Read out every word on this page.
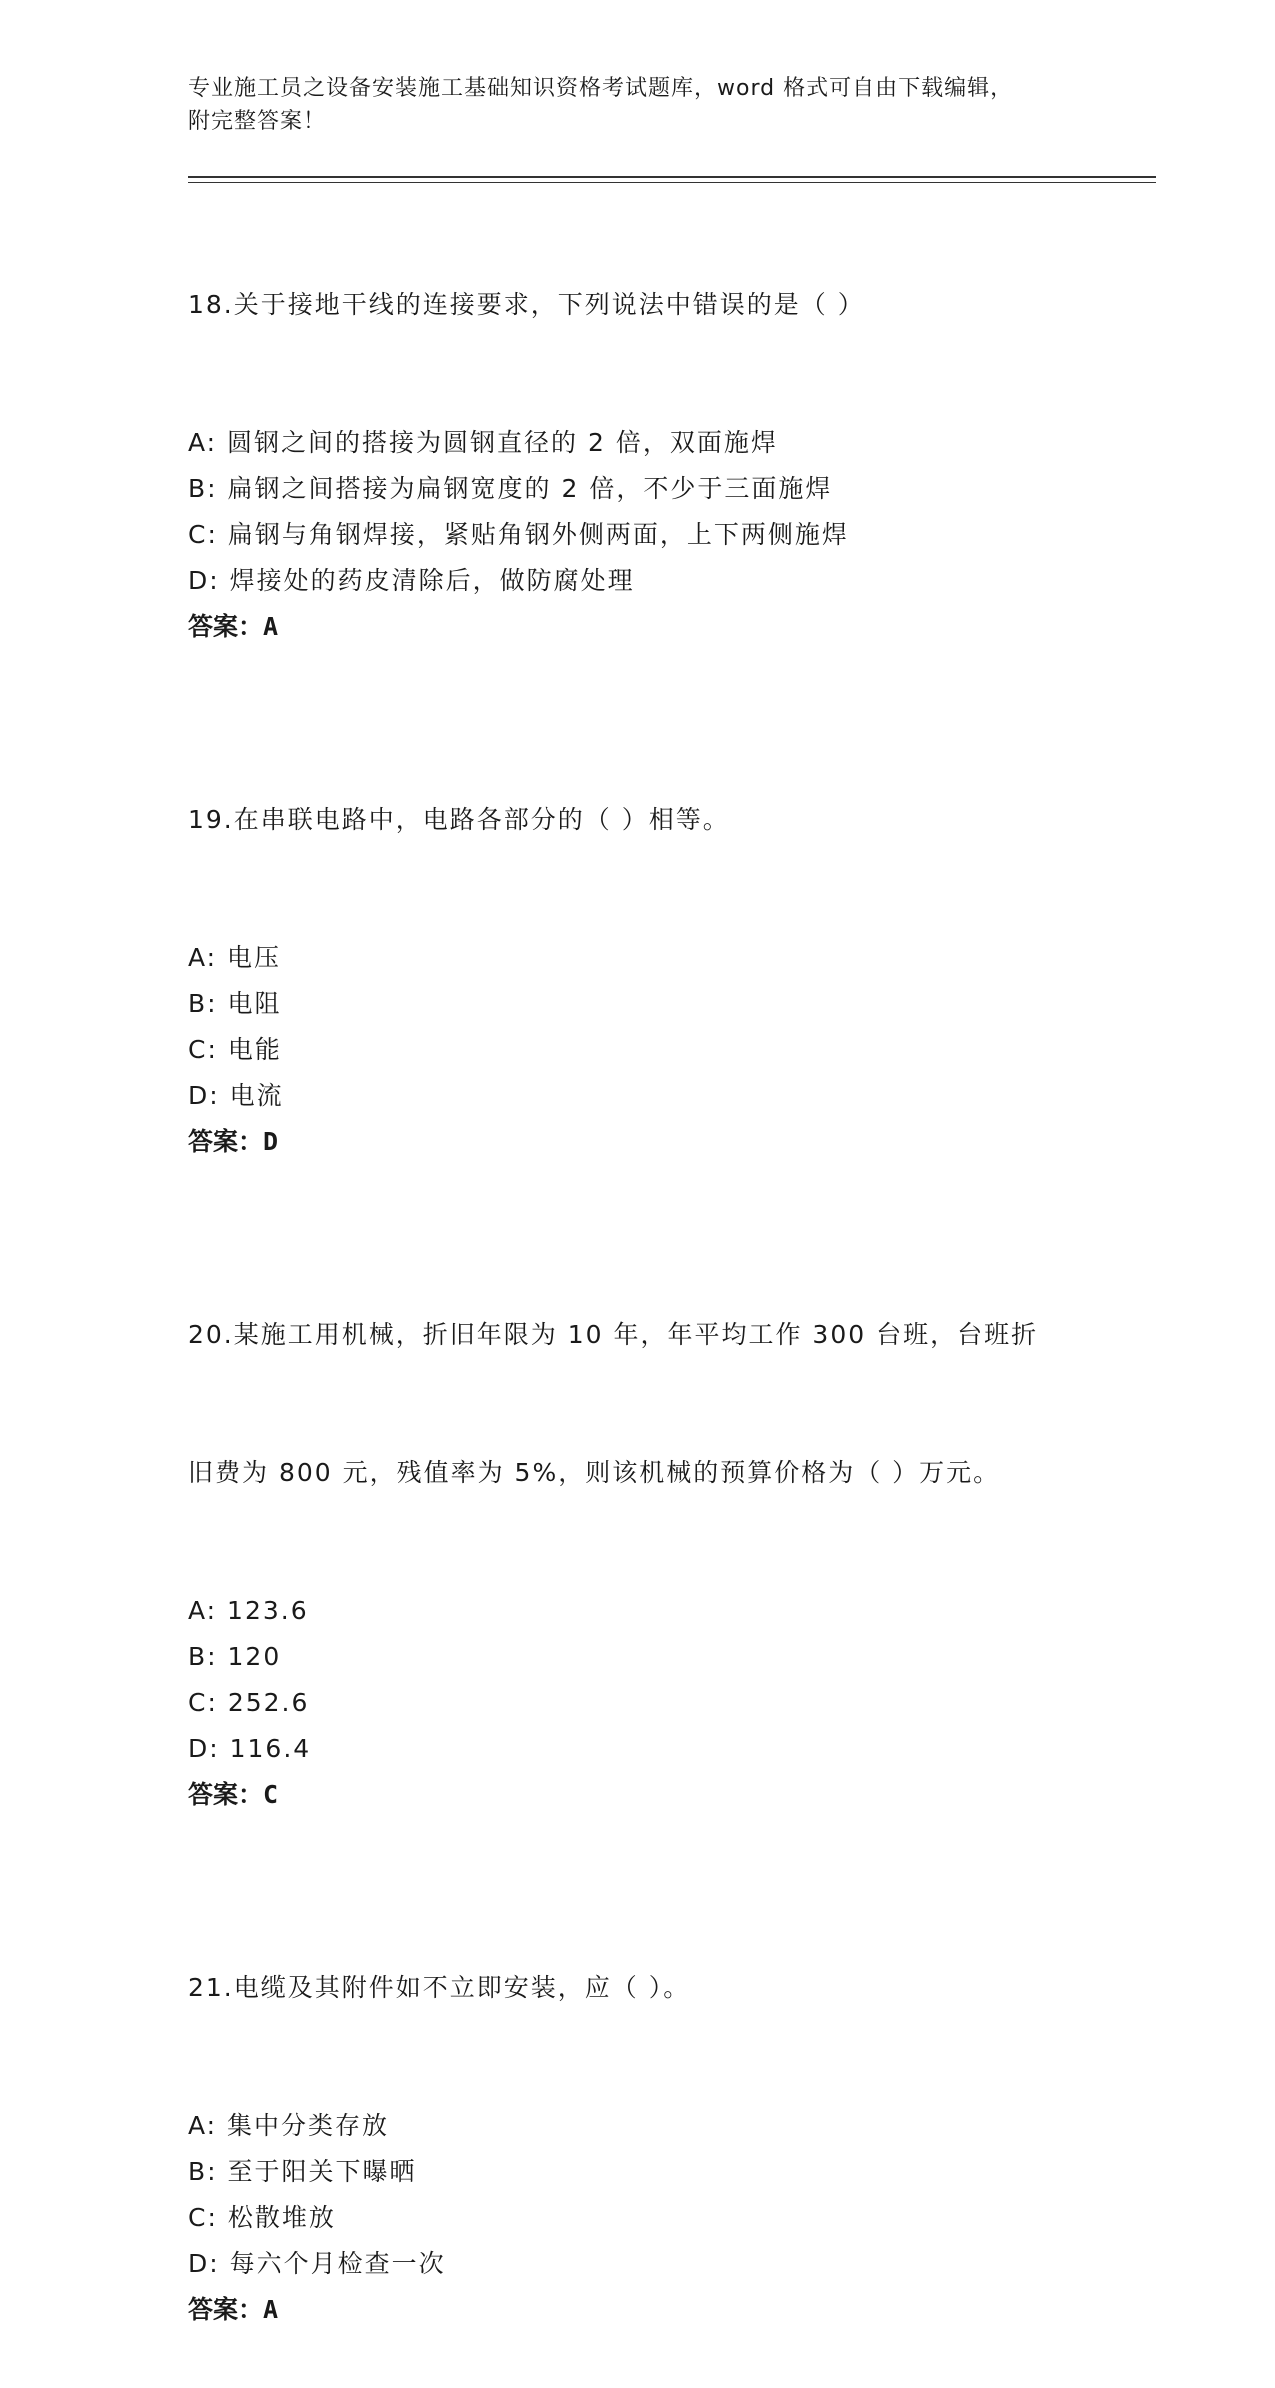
专业施工员之设备安装施工基础知识资格考试题库，word 格式可自由下载编辑，
附完整答案！

18.关于接地干线的连接要求，下列说法中错误的是（ ）

A: 圆钢之间的搭接为圆钢直径的 2 倍，双面施焊
B: 扁钢之间搭接为扁钢宽度的 2 倍，不少于三面施焊
C: 扁钢与角钢焊接，紧贴角钢外侧两面，上下两侧施焊
D: 焊接处的药皮清除后，做防腐处理
答案：A

19.在串联电路中，电路各部分的（ ）相等。

A: 电压
B: 电阻
C: 电能
D: 电流
答案：D

20.某施工用机械，折旧年限为 10 年，年平均工作 300 台班，台班折

旧费为 800 元，残值率为 5%，则该机械的预算价格为（ ）万元。

A: 123.6
B: 120
C: 252.6
D: 116.4
答案：C

21.电缆及其附件如不立即安装，应（ ）。

A: 集中分类存放
B: 至于阳关下曝晒
C: 松散堆放
D: 每六个月检查一次
答案：A
